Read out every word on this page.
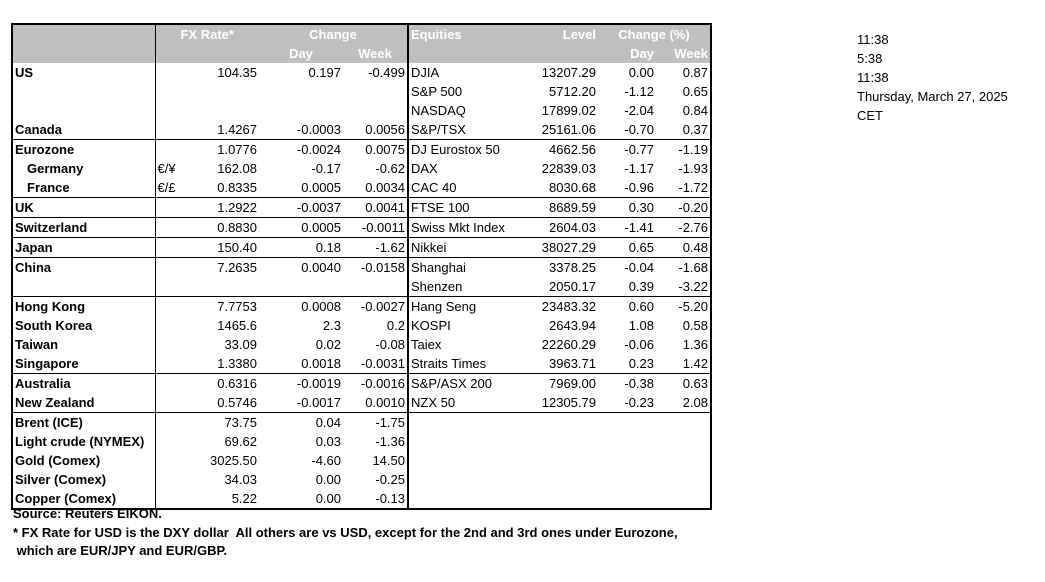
	FX Rate*	Change		Equities	Level	Change (%)	
		Day	Week			Day	Week
US	104.35	0.197	-0.499	DJIA	13207.29	0.00	0.87
				S&P 500	5712.20	-1.12	0.65
				NASDAQ	17899.02	-2.04	0.84
Canada	1.4267	-0.0003	0.0056	S&P/TSX	25161.06	-0.70	0.37
Eurozone	1.0776	-0.0024	0.0075	DJ Eurostox 50	4662.56	-0.77	-1.19
Germany	€/¥ 162.08	-0.17	-0.62	DAX	22839.03	-1.17	-1.93
France	€/£ 0.8335	0.0005	0.0034	CAC 40	8030.68	-0.96	-1.72
UK	1.2922	-0.0037	0.0041	FTSE 100	8689.59	0.30	-0.20
Switzerland	0.8830	0.0005	-0.0011	Swiss Mkt Index	2604.03	-1.41	-2.76
Japan	150.40	0.18	-1.62	Nikkei	38027.29	0.65	0.48
China	7.2635	0.0040	-0.0158	Shanghai	3378.25	-0.04	-1.68
				Shenzen	2050.17	0.39	-3.22
Hong Kong	7.7753	0.0008	-0.0027	Hang Seng	23483.32	0.60	-5.20
South Korea	1465.6	2.3	0.2	KOSPI	2643.94	1.08	0.58
Taiwan	33.09	0.02	-0.08	Taiex	22260.29	-0.06	1.36
Singapore	1.3380	0.0018	-0.0031	Straits Times	3963.71	0.23	1.42
Australia	0.6316	-0.0019	-0.0016	S&P/ASX 200	7969.00	-0.38	0.63
New Zealand	0.5746	-0.0017	0.0010	NZX 50	12305.79	-0.23	2.08
Brent (ICE)	73.75	0.04	-1.75				
Light crude (NYMEX)	69.62	0.03	-1.36				
Gold (Comex)	3025.50	-4.60	14.50				
Silver (Comex)	34.03	0.00	-0.25				
Copper (Comex)	5.22	0.00	-0.13				
Source: Reuters EIKON.
* FX Rate for USD is the DXY dollar  All others are vs USD, except for the 2nd and 3rd ones under Eurozone,
which are EUR/JPY and EUR/GBP.
11:38
5:38
11:38
Thursday, March 27, 2025
CET
